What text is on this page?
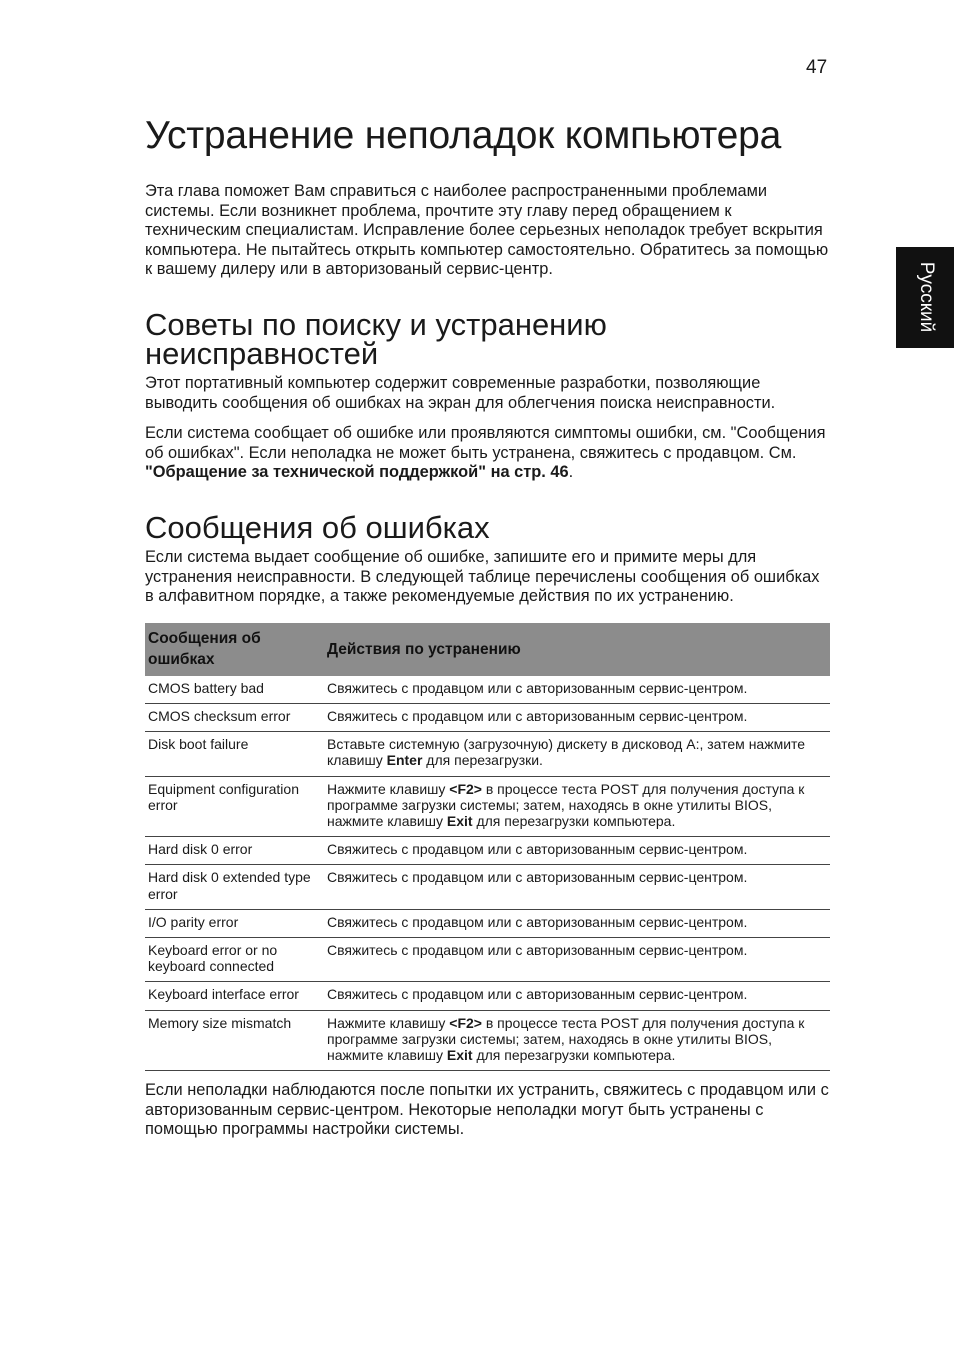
47
Русский
Устранение неполадок компьютера

Эта глава поможет Вам справиться с наиболее распространенными проблемами системы. Если возникнет проблема, прочтите эту главу перед обращением к техническим специалистам. Исправление более серьезных неполадок требует вскрытия компьютера. Не пытайтесь открыть компьютер самостоятельно. Обратитесь за помощью к вашему дилеру или в авторизованый сервис-центр.

Советы по поиску и устранению
неисправностей

Этот портативный компьютер содержит современные разработки, позволяющие выводить сообщения об ошибках на экран для облегчения поиска неисправности.

Если система сообщает об ошибке или проявляются симптомы ошибки, см. "Сообщения об ошибках". Если неполадка не может быть устранена, свяжитесь с продавцом. См. "Обращение за технической поддержкой" на стр. 46.

Сообщения об ошибках

Если система выдает сообщение об ошибке, запишите его и примите меры для устранения неисправности. В следующей таблице перечислены сообщения об ошибках в алфавитном порядке, а также рекомендуемые действия по их устранению.

Сообщения об ошибках	Действия по устранению
CMOS battery bad	Свяжитесь с продавцом или с авторизованным сервис-центром.
CMOS checksum error	Свяжитесь с продавцом или с авторизованным сервис-центром.
Disk boot failure	Вставьте системную (загрузочную) дискету в дисковод A:, затем нажмите клавишу Enter для перезагрузки.
Equipment configuration error	Нажмите клавишу <F2> в процессе теста POST для получения доступа к программе загрузки системы; затем, находясь в окне утилиты BIOS, нажмите клавишу Exit для перезагрузки компьютера.
Hard disk 0 error	Свяжитесь с продавцом или с авторизованным сервис-центром.
Hard disk 0 extended type error	Свяжитесь с продавцом или с авторизованным сервис-центром.
I/O parity error	Свяжитесь с продавцом или с авторизованным сервис-центром.
Keyboard error or no keyboard connected	Свяжитесь с продавцом или с авторизованным сервис-центром.
Keyboard interface error	Свяжитесь с продавцом или с авторизованным сервис-центром.
Memory size mismatch	Нажмите клавишу <F2> в процессе теста POST для получения доступа к программе загрузки системы; затем, находясь в окне утилиты BIOS, нажмите клавишу Exit для перезагрузки компьютера.

Если неполадки наблюдаются после попытки их устранить, свяжитесь с продавцом или с авторизованным сервис-центром. Некоторые неполадки могут быть устранены с помощью программы настройки системы.
